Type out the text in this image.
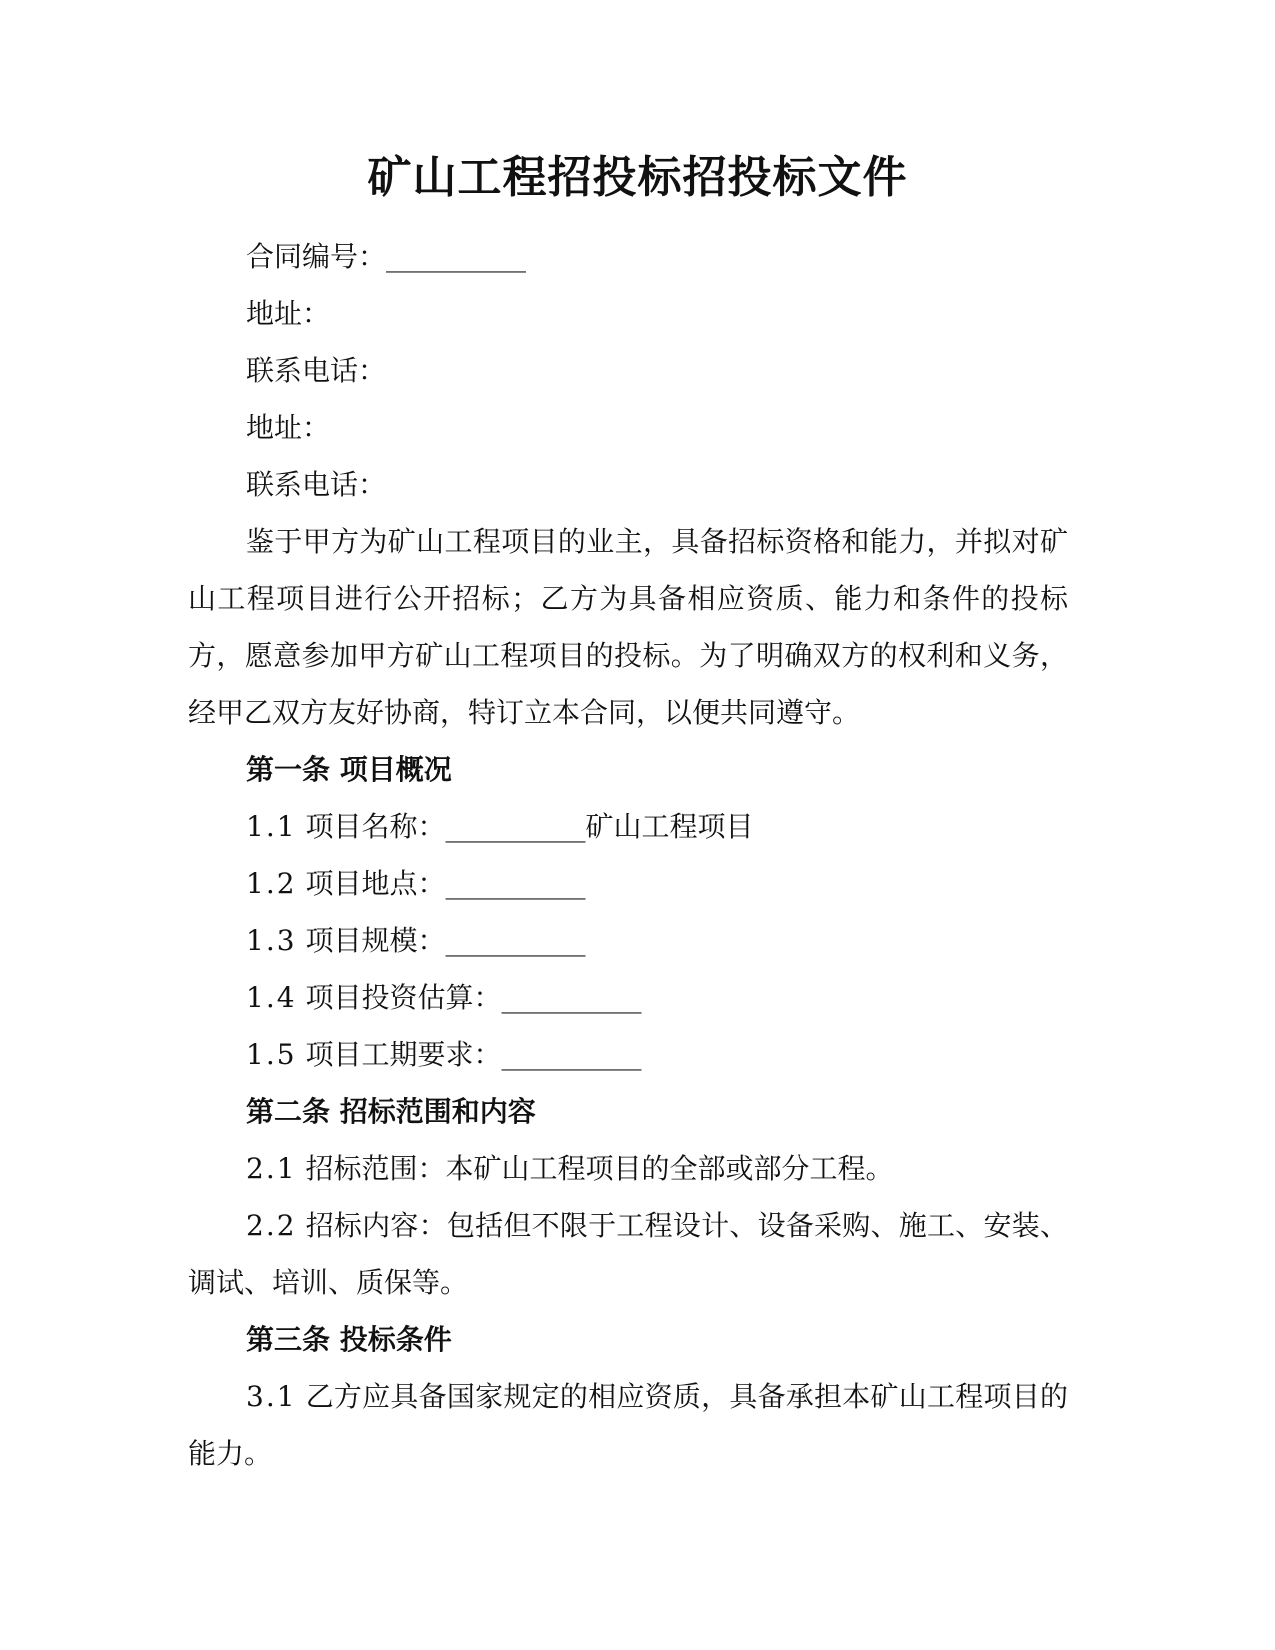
矿山工程招投标招投标文件

合同编号：__________

地址：

联系电话：

地址：

联系电话：

鉴于甲方为矿山工程项目的业主，具备招标资格和能力，并拟对矿山工程项目进行公开招标；乙方为具备相应资质、能力和条件的投标方，愿意参加甲方矿山工程项目的投标。为了明确双方的权利和义务，经甲乙双方友好协商，特订立本合同，以便共同遵守。

第一条 项目概况

1.1 项目名称：__________矿山工程项目

1.2 项目地点：__________

1.3 项目规模：__________

1.4 项目投资估算：__________

1.5 项目工期要求：__________

第二条 招标范围和内容

2.1 招标范围：本矿山工程项目的全部或部分工程。

2.2 招标内容：包括但不限于工程设计、设备采购、施工、安装、调试、培训、质保等。

第三条 投标条件

3.1 乙方应具备国家规定的相应资质，具备承担本矿山工程项目的能力。
